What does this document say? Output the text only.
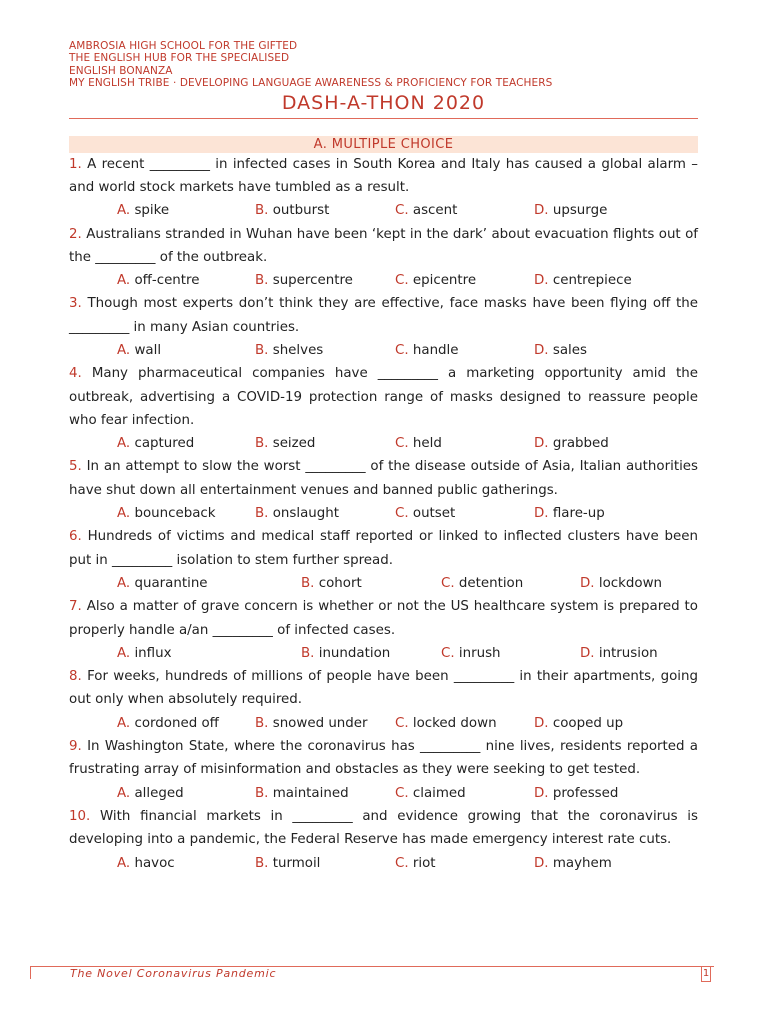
AMBROSIA HIGH SCHOOL FOR THE GIFTED
THE ENGLISH HUB FOR THE SPECIALISED
ENGLISH BONANZA
MY ENGLISH TRIBE · DEVELOPING LANGUAGE AWARENESS & PROFICIENCY FOR TEACHERS
DASH-A-THON 2020
A. MULTIPLE CHOICE

1. A recent _________ in infected cases in South Korea and Italy has caused a global alarm – and world stock markets have tumbled as a result.

A. spike	B. outburst	C. ascent	D. upsurge

2. Australians stranded in Wuhan have been ‘kept in the dark’ about evacuation flights out of the _________ of the outbreak.

A. off-centre	B. supercentre	C. epicentre	D. centrepiece

3. Though most experts don’t think they are effective, face masks have been flying off the _________ in many Asian countries.

A. wall	B. shelves	C. handle	D. sales

4. Many pharmaceutical companies have _________ a marketing opportunity amid the outbreak, advertising a COVID-19 protection range of masks designed to reassure people who fear infection.

A. captured	B. seized	C. held	D. grabbed

5. In an attempt to slow the worst _________ of the disease outside of Asia, Italian authorities have shut down all entertainment venues and banned public gatherings.

A. bounceback	B. onslaught	C. outset	D. flare-up

6. Hundreds of victims and medical staff reported or linked to inflected clusters have been put in _________ isolation to stem further spread.

A. quarantine	B. cohort	C. detention	D. lockdown

7. Also a matter of grave concern is whether or not the US healthcare system is prepared to properly handle a/an _________ of infected cases.

A. influx	B. inundation	C. inrush	D. intrusion

8. For weeks, hundreds of millions of people have been _________ in their apartments, going out only when absolutely required.

A. cordoned off	B. snowed under C. locked down	D. cooped up

9. In Washington State, where the coronavirus has _________ nine lives, residents reported a frustrating array of misinformation and obstacles as they were seeking to get tested.

A. alleged	B. maintained	C. claimed	D. professed

10. With financial markets in _________ and evidence growing that the coronavirus is developing into a pandemic, the Federal Reserve has made emergency interest rate cuts.

A. havoc	B. turmoil	C. riot	D. mayhem
The Novel Coronavirus Pandemic	1
